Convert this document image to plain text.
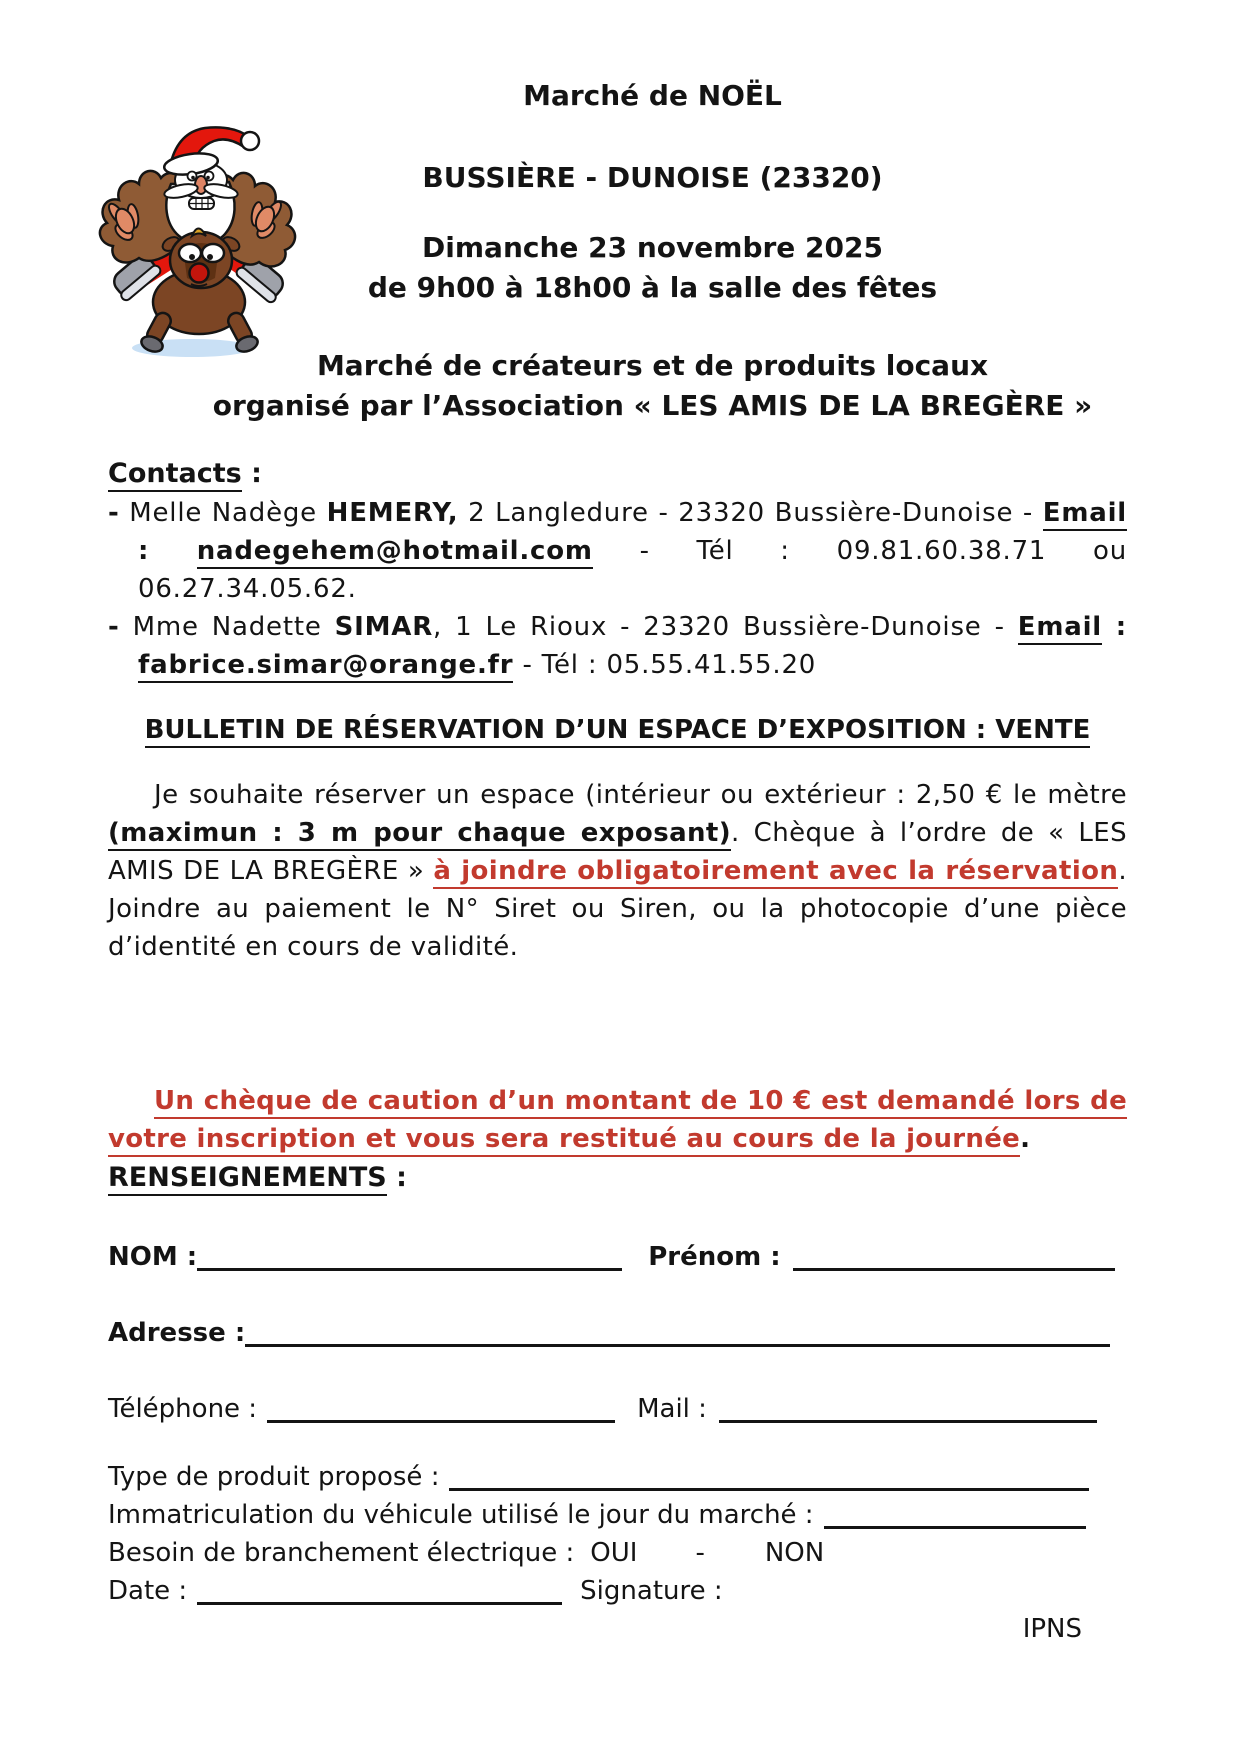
Marché de NOËL
BUSSIÈRE - DUNOISE (23320)
Dimanche 23 novembre 2025
de 9h00 à 18h00 à la salle des fêtes
Marché de créateurs et de produits locaux
organisé par l’Association « LES AMIS DE LA BREGÈRE »
Contacts :
- Melle Nadège HEMERY, 2 Langledure - 23320 Bussière-Dunoise - Email : nadegehem@hotmail.com - Tél : 09.81.60.38.71 ou 06.27.34.05.62.
- Mme Nadette SIMAR, 1 Le Rioux - 23320 Bussière-Dunoise - Email : fabrice.simar@orange.fr - Tél : 05.55.41.55.20
BULLETIN DE RÉSERVATION D’UN ESPACE D’EXPOSITION : VENTE
Je souhaite réserver un espace (intérieur ou extérieur : 2,50 € le mètre (maximun : 3 m pour chaque exposant). Chèque à l’ordre de « LES AMIS DE LA BREGÈRE » à joindre obligatoirement avec la réservation. Joindre au paiement le N° Siret ou Siren, ou la photocopie d’une pièce d’identité en cours de validité.
Un chèque de caution d’un montant de 10 € est demandé lors de votre inscription et vous sera restitué au cours de la journée.
RENSEIGNEMENTS :
NOM :	Prénom :
Adresse :
Téléphone :	Mail :
Type de produit proposé :
Immatriculation du véhicule utilisé le jour du marché :
Besoin de branchement électrique : OUI - NON
Date :	Signature :
IPNS
